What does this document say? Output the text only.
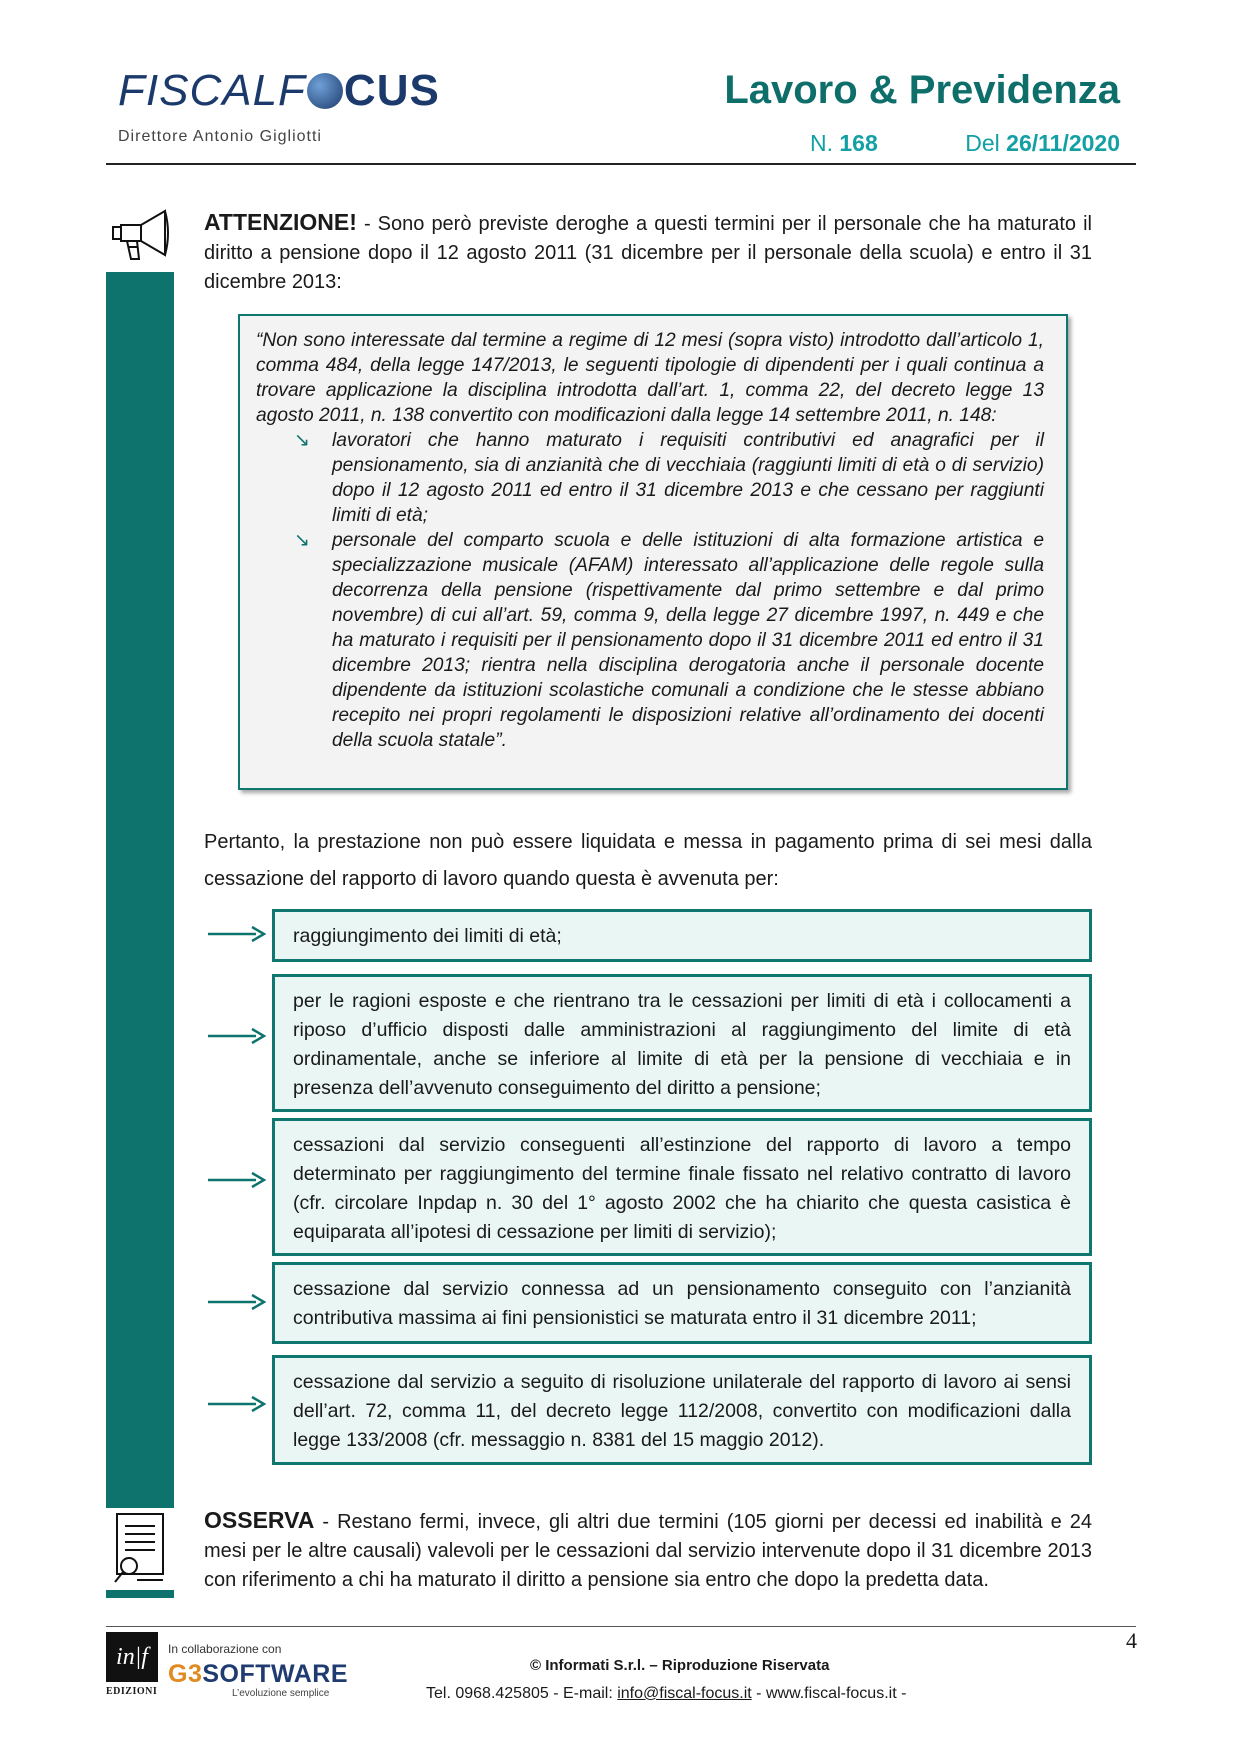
FISCALF CUS
Direttore Antonio Gigliotti
Lavoro & Previdenza
N. 168	Del 26/11/2020
ATTENZIONE! - Sono però previste deroghe a questi termini per il personale che ha maturato il diritto a pensione dopo il 12 agosto 2011 (31 dicembre per il personale della scuola) e entro il 31 dicembre 2013:

“Non sono interessate dal termine a regime di 12 mesi (sopra visto) introdotto dall’articolo 1, comma 484, della legge 147/2013, le seguenti tipologie di dipendenti per i quali continua a trovare applicazione la disciplina introdotta dall’art. 1, comma 22, del decreto legge 13 agosto 2011, n. 138 convertito con modificazioni dalla legge 14 settembre 2011, n. 148:

↘ lavoratori che hanno maturato i requisiti contributivi ed anagrafici per il pensionamento, sia di anzianità che di vecchiaia (raggiunti limiti di età o di servizio) dopo il 12 agosto 2011 ed entro il 31 dicembre 2013 e che cessano per raggiunti limiti di età;
↘ personale del comparto scuola e delle istituzioni di alta formazione artistica e specializzazione musicale (AFAM) interessato all’applicazione delle regole sulla decorrenza della pensione (rispettivamente dal primo settembre e dal primo novembre) di cui all’art. 59, comma 9, della legge 27 dicembre 1997, n. 449 e che ha maturato i requisiti per il pensionamento dopo il 31 dicembre 2011 ed entro il 31 dicembre 2013; rientra nella disciplina derogatoria anche il personale docente dipendente da istituzioni scolastiche comunali a condizione che le stesse abbiano recepito nei propri regolamenti le disposizioni relative all’ordinamento dei docenti della scuola statale”.
Pertanto, la prestazione non può essere liquidata e messa in pagamento prima di sei mesi dalla cessazione del rapporto di lavoro quando questa è avvenuta per:
raggiungimento dei limiti di età;
per le ragioni esposte e che rientrano tra le cessazioni per limiti di età i collocamenti a riposo d’ufficio disposti dalle amministrazioni al raggiungimento del limite di età ordinamentale, anche se inferiore al limite di età per la pensione di vecchiaia e in presenza dell’avvenuto conseguimento del diritto a pensione;
cessazioni dal servizio conseguenti all’estinzione del rapporto di lavoro a tempo determinato per raggiungimento del termine finale fissato nel relativo contratto di lavoro (cfr. circolare Inpdap n. 30 del 1° agosto 2002 che ha chiarito che questa casistica è equiparata all’ipotesi di cessazione per limiti di servizio);
cessazione dal servizio connessa ad un pensionamento conseguito con l’anzianità contributiva massima ai fini pensionistici se maturata entro il 31 dicembre 2011;
cessazione dal servizio a seguito di risoluzione unilaterale del rapporto di lavoro ai sensi dell’art. 72, comma 11, del decreto legge 112/2008, convertito con modificazioni dalla legge 133/2008 (cfr. messaggio n. 8381 del 15 maggio 2012).
OSSERVA - Restano fermi, invece, gli altri due termini (105 giorni per decessi ed inabilità e 24 mesi per le altre causali) valevoli per le cessazioni dal servizio intervenute dopo il 31 dicembre 2013 con riferimento a chi ha maturato il diritto a pensione sia entro che dopo la predetta data.
4
in|f
EDIZIONI
In collaborazione con
G3SOFTWARE
L’evoluzione semplice
© Informati S.r.l. – Riproduzione Riservata
Tel. 0968.425805 - E-mail: info@fiscal-focus.it - www.fiscal-focus.it -
